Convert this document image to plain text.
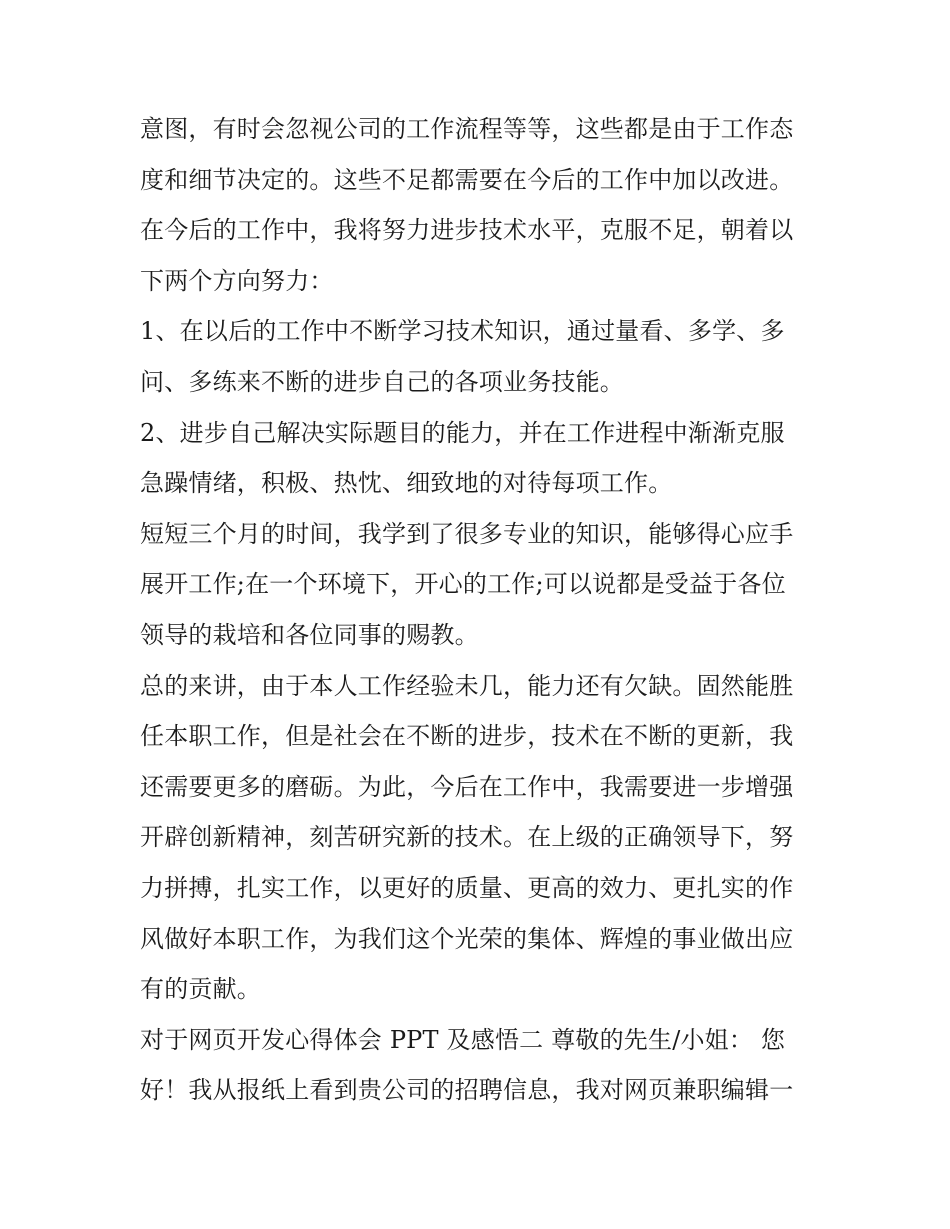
意图，有时会忽视公司的工作流程等等，这些都是由于工作态
度和细节决定的。这些不足都需要在今后的工作中加以改进。
在今后的工作中，我将努力进步技术水平，克服不足，朝着以
下两个方向努力：
1、在以后的工作中不断学习技术知识，通过量看、多学、多
问、多练来不断的进步自己的各项业务技能。
2、进步自己解决实际题目的能力，并在工作进程中渐渐克服
急躁情绪，积极、热忱、细致地的对待每项工作。
短短三个月的时间，我学到了很多专业的知识，能够得心应手
展开工作;在一个环境下，开心的工作;可以说都是受益于各位
领导的栽培和各位同事的赐教。
总的来讲，由于本人工作经验未几，能力还有欠缺。固然能胜
任本职工作，但是社会在不断的进步，技术在不断的更新，我
还需要更多的磨砺。为此，今后在工作中，我需要进一步增强
开辟创新精神，刻苦研究新的技术。在上级的正确领导下，努
力拼搏，扎实工作，以更好的质量、更高的效力、更扎实的作
风做好本职工作，为我们这个光荣的集体、辉煌的事业做出应
有的贡献。
对于网页开发心得体会 PPT 及感悟二 尊敬的先生/小姐： 您
好！我从报纸上看到贵公司的招聘信息，我对网页兼职编辑一
